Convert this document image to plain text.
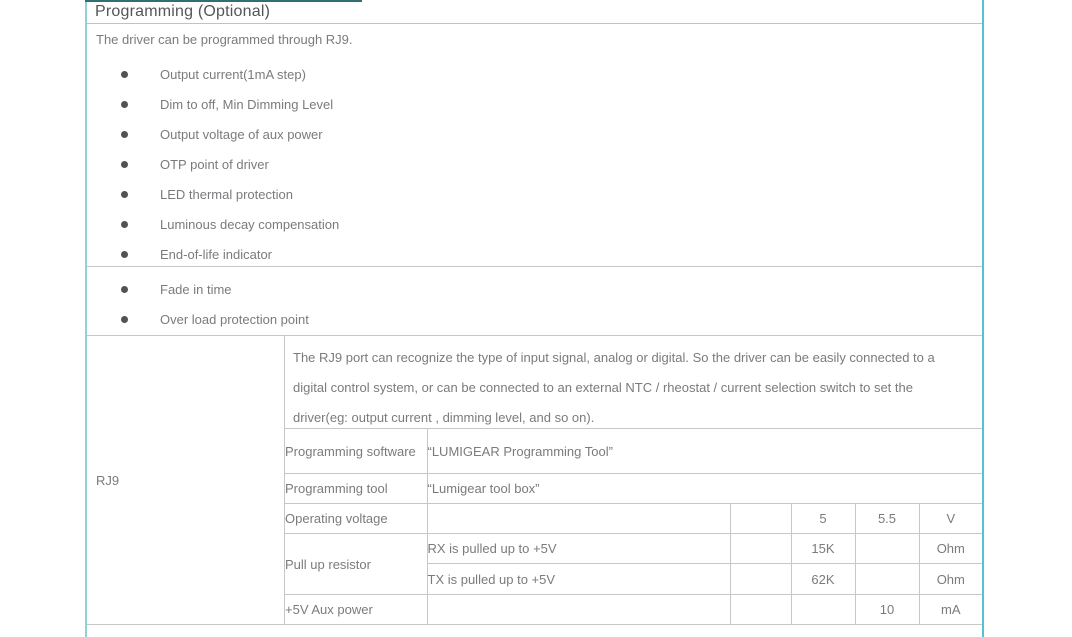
Programming (Optional)
The driver can be programmed through RJ9.
Output current(1mA step)
Dim to off, Min Dimming Level
Output voltage of aux power
OTP point of driver
LED thermal protection
Luminous decay compensation
End-of-life indicator
Fade in time
Over load protection point
RJ9
The RJ9 port can recognize the type of input signal, analog or digital. So the driver can be easily connected to a
digital control system, or can be connected to an external NTC / rheostat / current selection switch to set the
driver(eg: output current , dimming level, and so on).
Programming software	“LUMIGEAR Programming Tool”				
Programming tool	“Lumigear tool box”				
Operating voltage			5	5.5	V
Pull up resistor	RX is pulled up to +5V		15K		Ohm
	TX is pulled up to +5V		62K		Ohm
+5V Aux power				10	mA
